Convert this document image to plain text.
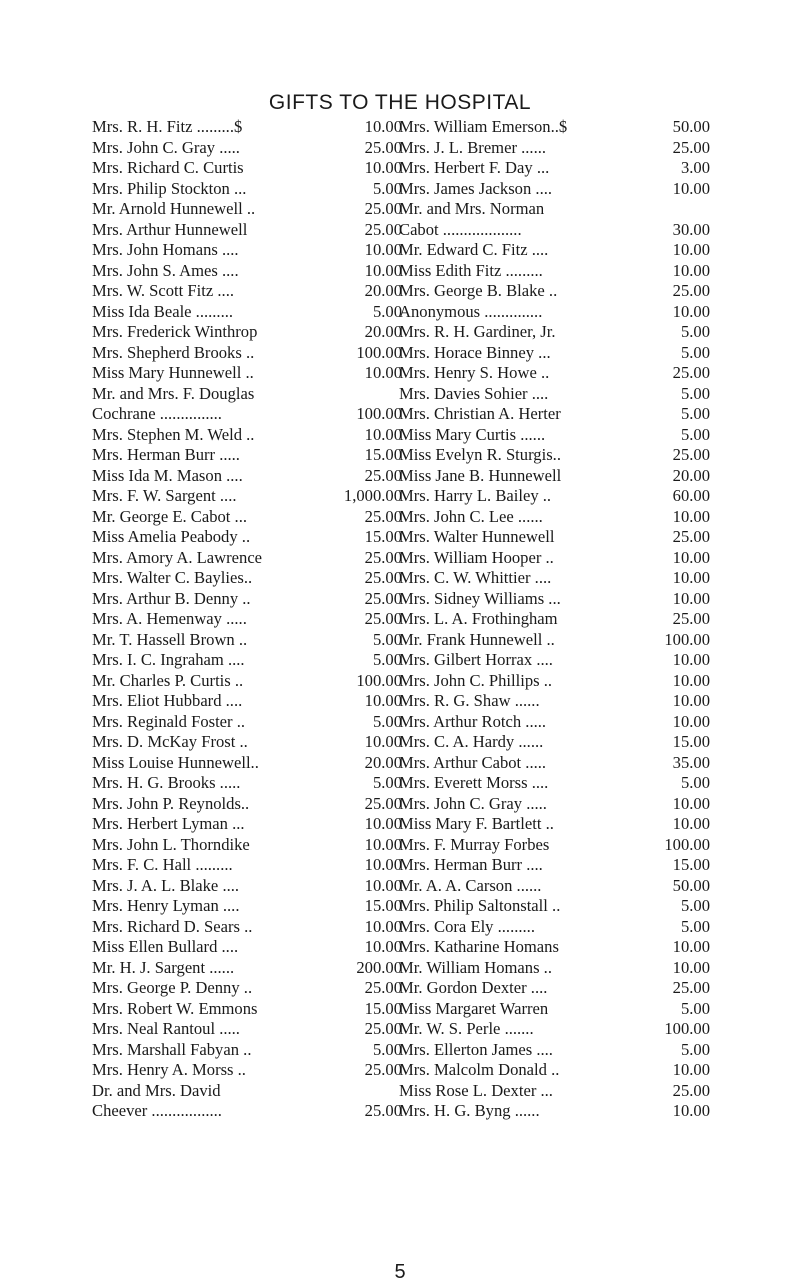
GIFTS TO THE HOSPITAL
Mrs. R. H. Fitz .........$	10.00
Mrs. John C. Gray .....	25.00
Mrs. Richard C. Curtis	10.00
Mrs. Philip Stockton ...	5.00
Mr. Arnold Hunnewell ..	25.00
Mrs. Arthur Hunnewell	25.00
Mrs. John Homans ....	10.00
Mrs. John S. Ames ....	10.00
Mrs. W. Scott Fitz ....	20.00
Miss Ida Beale .........	5.00
Mrs. Frederick Winthrop	20.00
Mrs. Shepherd Brooks ..	100.00
Miss Mary Hunnewell ..	10.00
Mr. and Mrs. F. Douglas
Cochrane ...............	100.00
Mrs. Stephen M. Weld ..	10.00
Mrs. Herman Burr .....	15.00
Miss Ida M. Mason ....	25.00
Mrs. F. W. Sargent ....	1,000.00
Mr. George E. Cabot ...	25.00
Miss Amelia Peabody ..	15.00
Mrs. Amory A. Lawrence	25.00
Mrs. Walter C. Baylies..	25.00
Mrs. Arthur B. Denny ..	25.00
Mrs. A. Hemenway .....	25.00
Mr. T. Hassell Brown ..	5.00
Mrs. I. C. Ingraham ....	5.00
Mr. Charles P. Curtis ..	100.00
Mrs. Eliot Hubbard ....	10.00
Mrs. Reginald Foster ..	5.00
Mrs. D. McKay Frost ..	10.00
Miss Louise Hunnewell..	20.00
Mrs. H. G. Brooks .....	5.00
Mrs. John P. Reynolds..	25.00
Mrs. Herbert Lyman ...	10.00
Mrs. John L. Thorndike	10.00
Mrs. F. C. Hall .........	10.00
Mrs. J. A. L. Blake ....	10.00
Mrs. Henry Lyman ....	15.00
Mrs. Richard D. Sears ..	10.00
Miss Ellen Bullard ....	10.00
Mr. H. J. Sargent ......	200.00
Mrs. George P. Denny ..	25.00
Mrs. Robert W. Emmons	15.00
Mrs. Neal Rantoul .....	25.00
Mrs. Marshall Fabyan ..	5.00
Mrs. Henry A. Morss ..	25.00
Dr. and Mrs. David
Cheever .................	25.00
Mrs. William Emerson..$	50.00
Mrs. J. L. Bremer ......	25.00
Mrs. Herbert F. Day ...	3.00
Mrs. James Jackson ....	10.00
Mr. and Mrs. Norman
Cabot ...................	30.00
Mr. Edward C. Fitz ....	10.00
Miss Edith Fitz .........	10.00
Mrs. George B. Blake ..	25.00
Anonymous ..............	10.00
Mrs. R. H. Gardiner, Jr.	5.00
Mrs. Horace Binney ...	5.00
Mrs. Henry S. Howe ..	25.00
Mrs. Davies Sohier ....	5.00
Mrs. Christian A. Herter	5.00
Miss Mary Curtis ......	5.00
Miss Evelyn R. Sturgis..	25.00
Miss Jane B. Hunnewell	20.00
Mrs. Harry L. Bailey ..	60.00
Mrs. John C. Lee ......	10.00
Mrs. Walter Hunnewell	25.00
Mrs. William Hooper ..	10.00
Mrs. C. W. Whittier ....	10.00
Mrs. Sidney Williams ...	10.00
Mrs. L. A. Frothingham	25.00
Mr. Frank Hunnewell ..	100.00
Mrs. Gilbert Horrax ....	10.00
Mrs. John C. Phillips ..	10.00
Mrs. R. G. Shaw ......	10.00
Mrs. Arthur Rotch .....	10.00
Mrs. C. A. Hardy ......	15.00
Mrs. Arthur Cabot .....	35.00
Mrs. Everett Morss ....	5.00
Mrs. John C. Gray .....	10.00
Miss Mary F. Bartlett ..	10.00
Mrs. F. Murray Forbes	100.00
Mrs. Herman Burr ....	15.00
Mr. A. A. Carson ......	50.00
Mrs. Philip Saltonstall ..	5.00
Mrs. Cora Ely .........	5.00
Mrs. Katharine Homans	10.00
Mr. William Homans ..	10.00
Mr. Gordon Dexter ....	25.00
Miss Margaret Warren	5.00
Mr. W. S. Perle .......	100.00
Mrs. Ellerton James ....	5.00
Mrs. Malcolm Donald ..	10.00
Miss Rose L. Dexter ...	25.00
Mrs. H. G. Byng ......	10.00
5
